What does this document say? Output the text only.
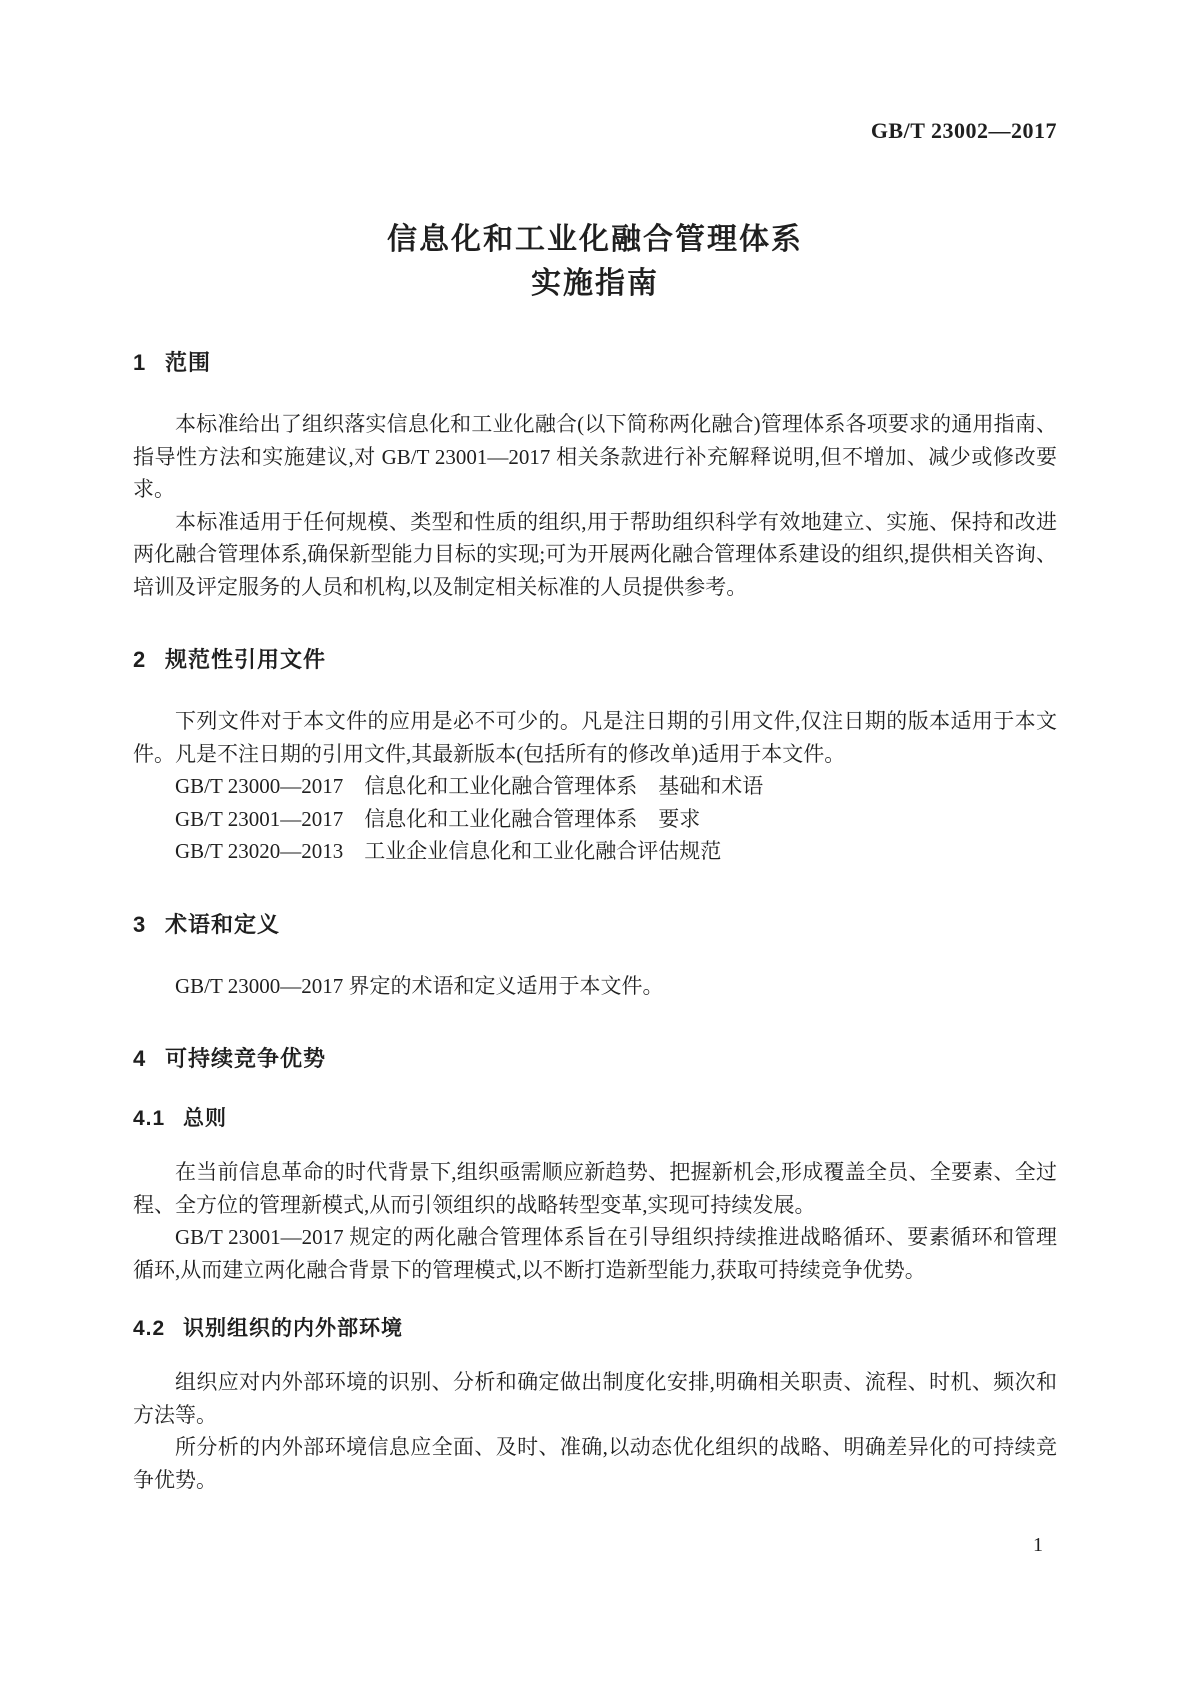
GB/T 23002—2017
信息化和工业化融合管理体系
实施指南
1 范围

本标准给出了组织落实信息化和工业化融合(以下简称两化融合)管理体系各项要求的通用指南、指导性方法和实施建议,对 GB/T 23001—2017 相关条款进行补充解释说明,但不增加、减少或修改要求。

本标准适用于任何规模、类型和性质的组织,用于帮助组织科学有效地建立、实施、保持和改进两化融合管理体系,确保新型能力目标的实现;可为开展两化融合管理体系建设的组织,提供相关咨询、培训及评定服务的人员和机构,以及制定相关标准的人员提供参考。

2 规范性引用文件

下列文件对于本文件的应用是必不可少的。凡是注日期的引用文件,仅注日期的版本适用于本文件。凡是不注日期的引用文件,其最新版本(包括所有的修改单)适用于本文件。

GB/T 23000—2017　信息化和工业化融合管理体系　基础和术语

GB/T 23001—2017　信息化和工业化融合管理体系　要求

GB/T 23020—2013　工业企业信息化和工业化融合评估规范

3 术语和定义

GB/T 23000—2017 界定的术语和定义适用于本文件。

4 可持续竞争优势
4.1 总则

在当前信息革命的时代背景下,组织亟需顺应新趋势、把握新机会,形成覆盖全员、全要素、全过程、全方位的管理新模式,从而引领组织的战略转型变革,实现可持续发展。

GB/T 23001—2017 规定的两化融合管理体系旨在引导组织持续推进战略循环、要素循环和管理循环,从而建立两化融合背景下的管理模式,以不断打造新型能力,获取可持续竞争优势。

4.2 识别组织的内外部环境

组织应对内外部环境的识别、分析和确定做出制度化安排,明确相关职责、流程、时机、频次和方法等。

所分析的内外部环境信息应全面、及时、准确,以动态优化组织的战略、明确差异化的可持续竞争优势。

1
